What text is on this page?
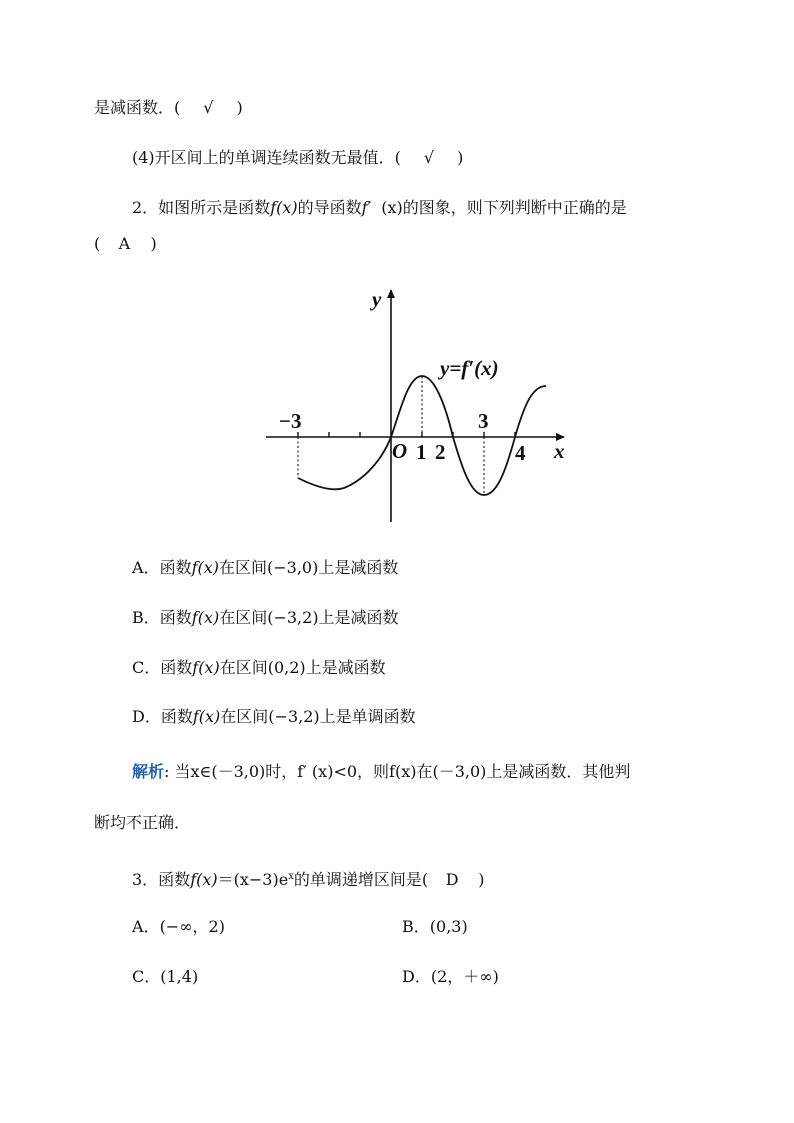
是减函数．( √ )
(4)开区间上的单调连续函数无最值．( √ )
2．如图所示是函数f(x)的导函数f′ (x)的图象，则下列判断中正确的是
( A )
y
x
O
y=f′(x)
−3
1 2
3
4
A．函数f(x)在区间(−3,0)上是减函数
B．函数f(x)在区间(−3,2)上是减函数
C．函数f(x)在区间(0,2)上是减函数
D．函数f(x)在区间(−3,2)上是单调函数
解析: 当x∈(－3,0)时，f′ (x)<0，则f(x)在(－3,0)上是减函数．其他判
断均不正确．
3．函数$f(x)=(x-3)e^x$的单调递增区间是( D )
A．(−∞，2)	B．(0,3)
C．(1,4)	D．(2，＋∞)
